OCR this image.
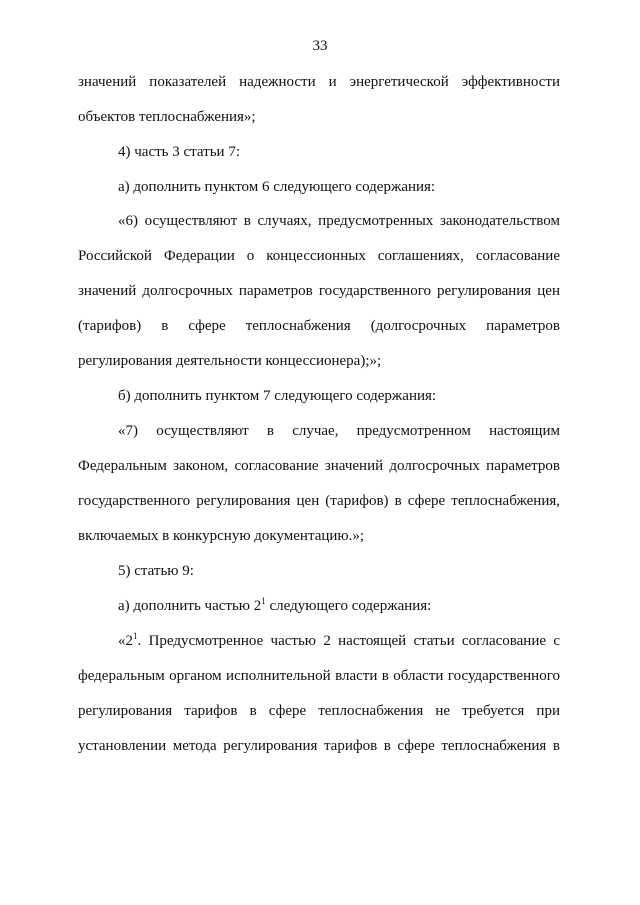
33
значений показателей надежности и энергетической эффективности
объектов теплоснабжения»;
4) часть 3 статьи 7:
а) дополнить пунктом 6 следующего содержания:
«6) осуществляют в случаях, предусмотренных законодательством
Российской Федерации о концессионных соглашениях, согласование
значений долгосрочных параметров государственного регулирования цен
(тарифов) в сфере теплоснабжения (долгосрочных параметров
регулирования деятельности концессионера);»;
б) дополнить пунктом 7 следующего содержания:
«7) осуществляют в случае, предусмотренном настоящим
Федеральным законом, согласование значений долгосрочных параметров
государственного регулирования цен (тарифов) в сфере теплоснабжения,
включаемых в конкурсную документацию.»;
5) статью 9:
а) дополнить частью $2^1$ следующего содержания:
«$2^1$. Предусмотренное частью 2 настоящей статьи согласование с
федеральным органом исполнительной власти в области государственного
регулирования тарифов в сфере теплоснабжения не требуется при
установлении метода регулирования тарифов в сфере теплоснабжения в
